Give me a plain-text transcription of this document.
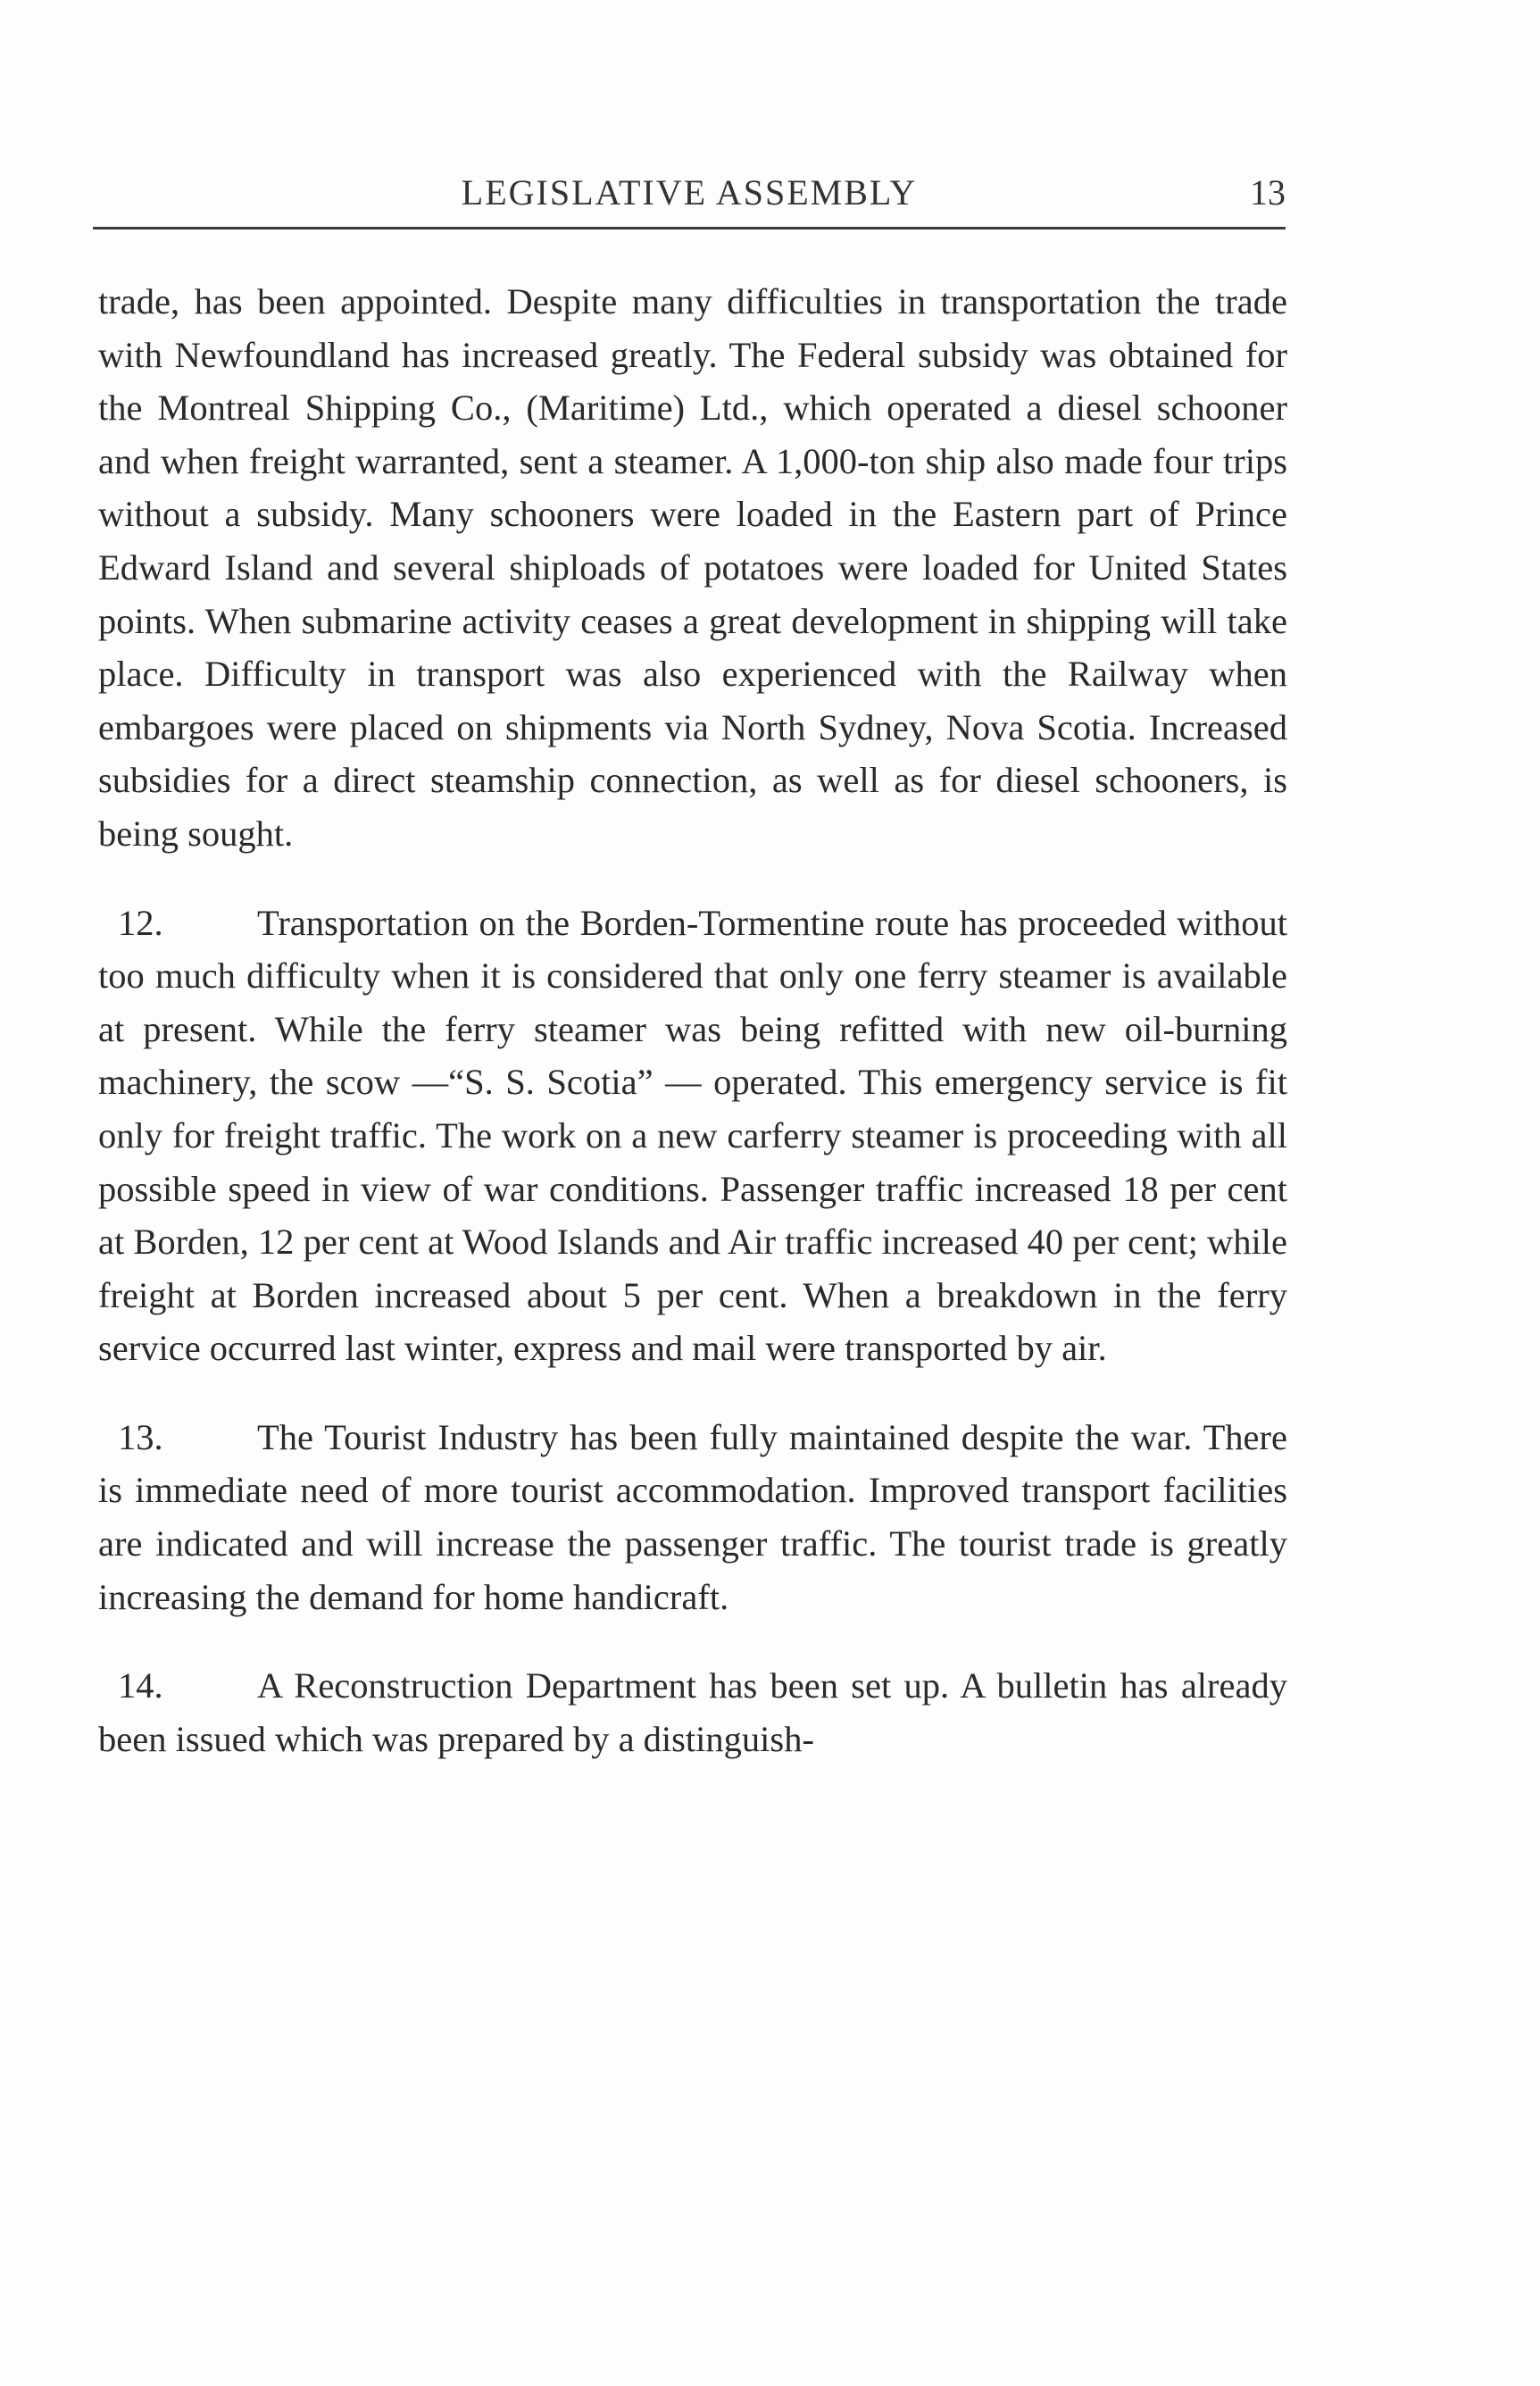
LEGISLATIVE ASSEMBLY	13

trade, has been appointed. Despite many difficulties in transportation the trade with Newfoundland has increased greatly. The Federal subsidy was obtained for the Montreal Shipping Co., (Maritime) Ltd., which operated a diesel schooner and when freight warranted, sent a steamer. A 1,000-ton ship also made four trips without a subsidy. Many schooners were loaded in the Eastern part of Prince Edward Island and several shiploads of potatoes were loaded for United States points. When submarine activity ceases a great development in shipping will take place. Difficulty in transport was also experienced with the Railway when embargoes were placed on shipments via North Sydney, Nova Scotia. Increased subsidies for a direct steamship connection, as well as for diesel schooners, is being sought.

12.	Transportation on the Borden-Tormentine route has proceeded without too much difficulty when it is considered that only one ferry steamer is available at present. While the ferry steamer was being refitted with new oil-burning machinery, the scow —“S. S. Scotia” — operated. This emergency service is fit only for freight traffic. The work on a new carferry steamer is proceeding with all possible speed in view of war conditions. Passenger traffic increased 18 per cent at Borden, 12 per cent at Wood Islands and Air traffic increased 40 per cent; while freight at Borden increased about 5 per cent. When a breakdown in the ferry service occurred last winter, express and mail were transported by air.

13.	The Tourist Industry has been fully maintained despite the war. There is immediate need of more tourist accommodation. Improved transport facilities are indicated and will increase the passenger traffic. The tourist trade is greatly increasing the demand for home handicraft.

14.	A Reconstruction Department has been set up. A bulletin has already been issued which was prepared by a distinguish-
